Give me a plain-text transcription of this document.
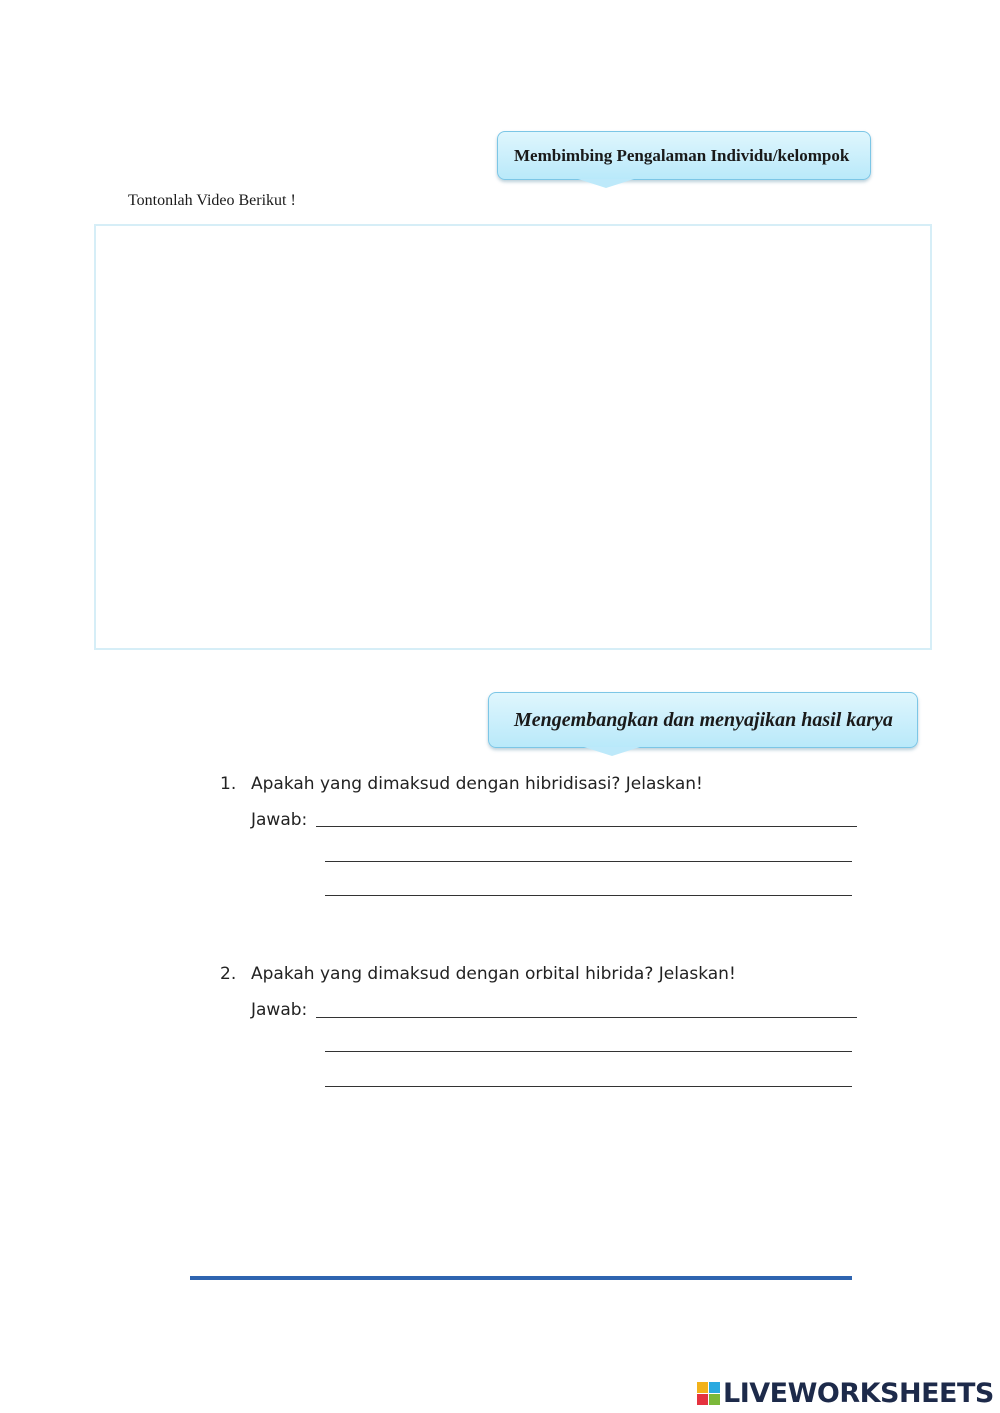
Membimbing Pengalaman Individu/kelompok
Tontonlah Video Berikut !
Mengembangkan dan menyajikan hasil karya
1. Apakah yang dimaksud dengan hibridisasi? Jelaskan!
Jawab:
2. Apakah yang dimaksud dengan orbital hibrida? Jelaskan!
Jawab:
LIVEWORKSHEETS
